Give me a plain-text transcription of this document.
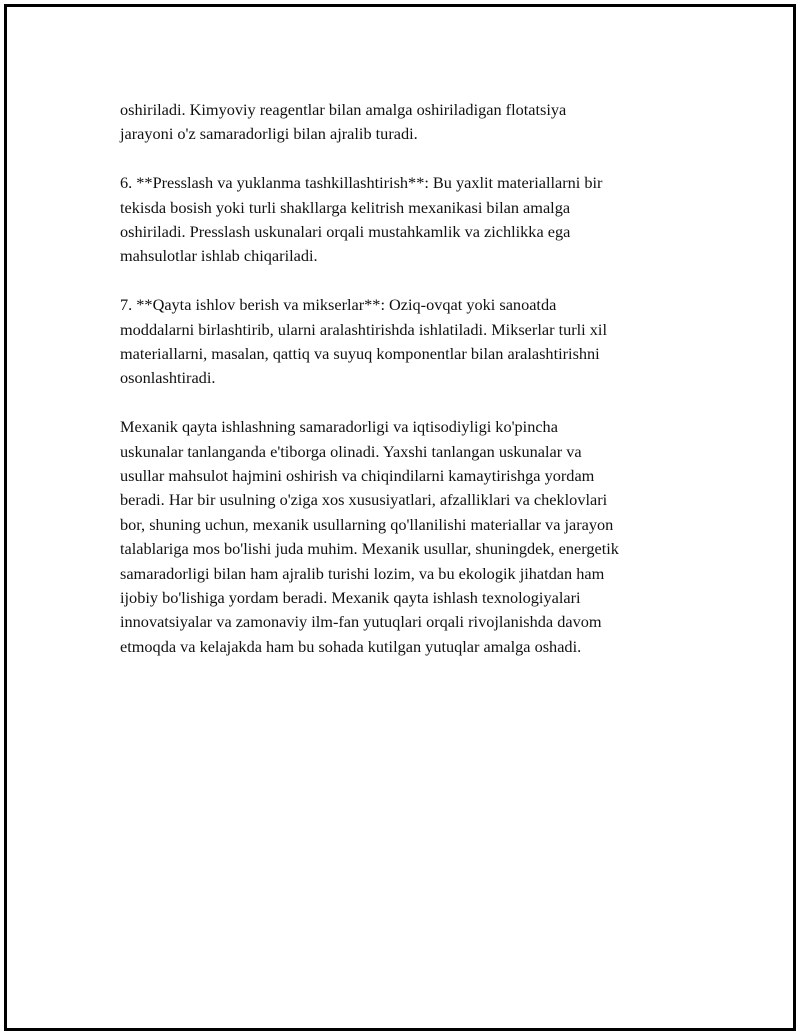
oshiriladi. Kimyoviy reagentlar bilan amalga oshiriladigan flotatsiya
jarayoni o'z samaradorligi bilan ajralib turadi.

6. **Presslash va yuklanma tashkillashtirish**: Bu yaxlit materiallarni bir
tekisda bosish yoki turli shakllarga kelitrish mexanikasi bilan amalga
oshiriladi. Presslash uskunalari orqali mustahkamlik va zichlikka ega
mahsulotlar ishlab chiqariladi.

7. **Qayta ishlov berish va mikserlar**: Oziq-ovqat yoki sanoatda
moddalarni birlashtirib, ularni aralashtirishda ishlatiladi. Mikserlar turli xil
materiallarni, masalan, qattiq va suyuq komponentlar bilan aralashtirishni
osonlashtiradi.

Mexanik qayta ishlashning samaradorligi va iqtisodiyligi ko'pincha
uskunalar tanlanganda e'tiborga olinadi. Yaxshi tanlangan uskunalar va
usullar mahsulot hajmini oshirish va chiqindilarni kamaytirishga yordam
beradi. Har bir usulning o'ziga xos xususiyatlari, afzalliklari va cheklovlari
bor, shuning uchun, mexanik usullarning qo'llanilishi materiallar va jarayon
talablariga mos bo'lishi juda muhim. Mexanik usullar, shuningdek, energetik
samaradorligi bilan ham ajralib turishi lozim, va bu ekologik jihatdan ham
ijobiy bo'lishiga yordam beradi. Mexanik qayta ishlash texnologiyalari
innovatsiyalar va zamonaviy ilm-fan yutuqlari orqali rivojlanishda davom
etmoqda va kelajakda ham bu sohada kutilgan yutuqlar amalga oshadi.
